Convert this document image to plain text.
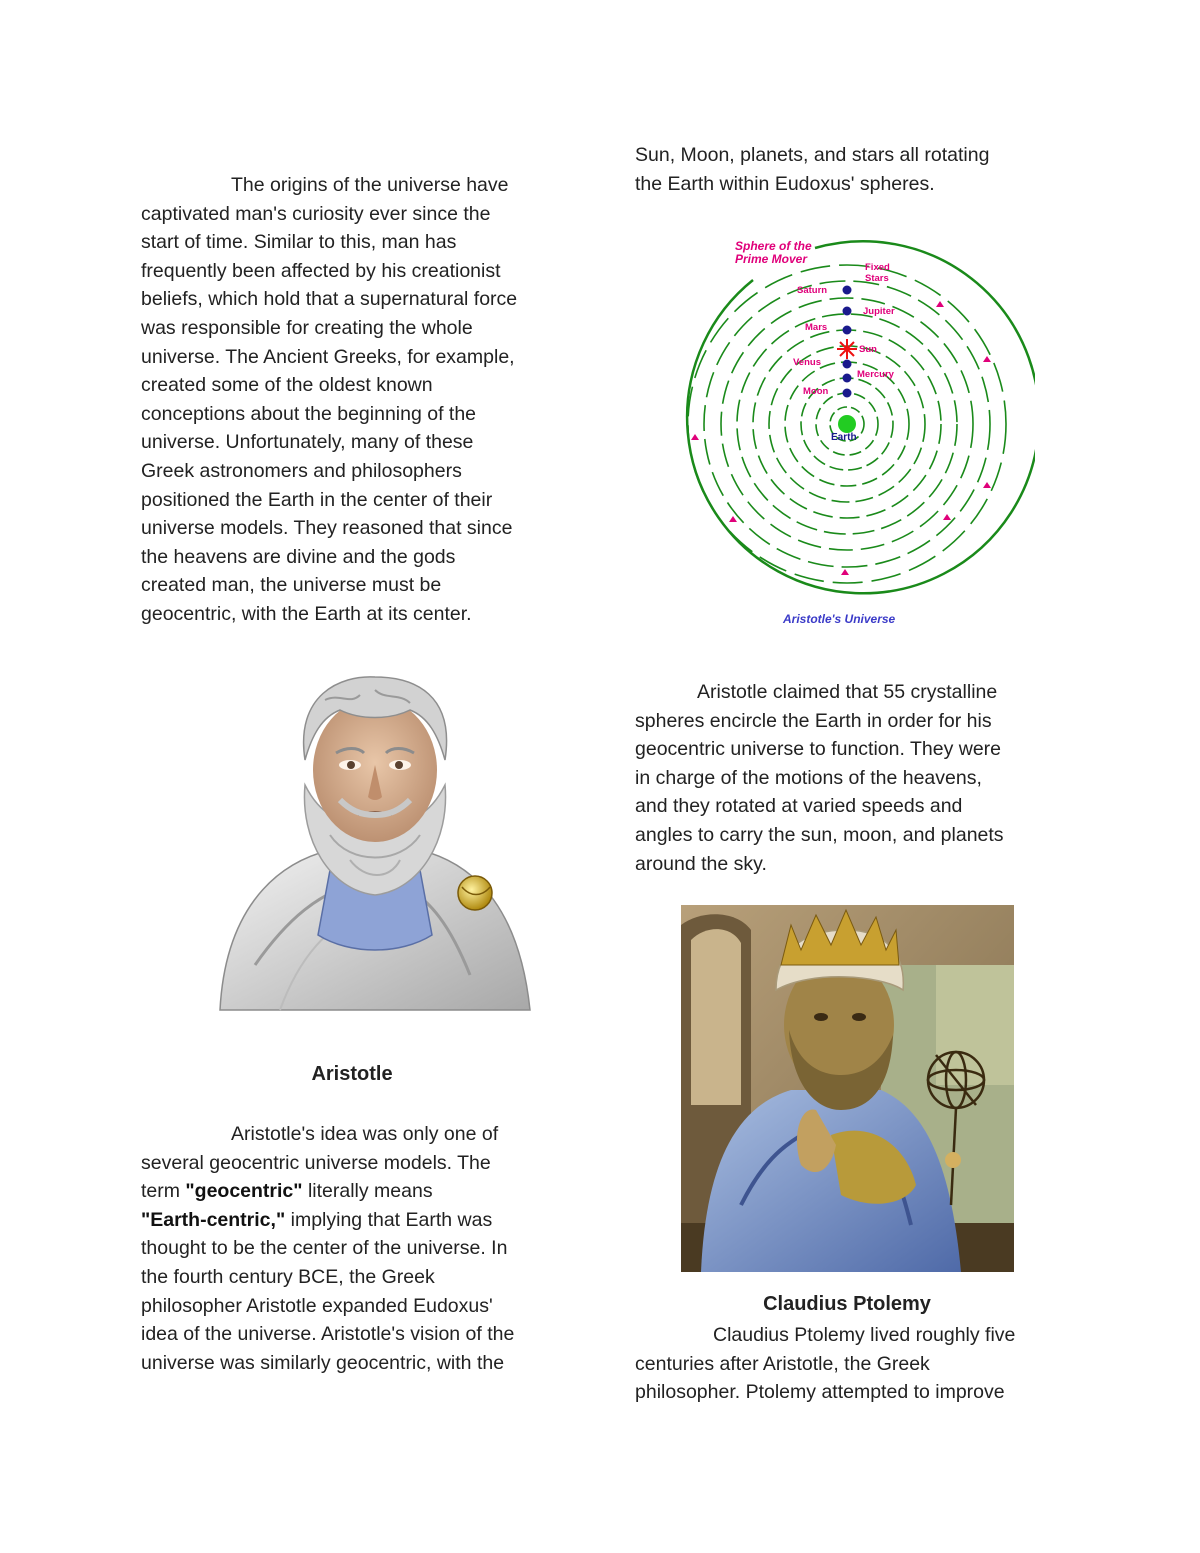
The origins of the universe have
captivated man's curiosity ever since the
start of time. Similar to this, man has
frequently been affected by his creationist
beliefs, which hold that a supernatural force
was responsible for creating the whole
universe. The Ancient Greeks, for example,
created some of the oldest known
conceptions about the beginning of the
universe. Unfortunately, many of these
Greek astronomers and philosophers
positioned the Earth in the center of their
universe models. They reasoned that since
the heavens are divine and the gods
created man, the universe must be
geocentric, with the Earth at its center.
Aristotle
Aristotle's idea was only one of
several geocentric universe models. The
term "geocentric" literally means
"Earth-centric," implying that Earth was
thought to be the center of the universe. In
the fourth century BCE, the Greek
philosopher Aristotle expanded Eudoxus'
idea of the universe. Aristotle's vision of the
universe was similarly geocentric, with the
Sun, Moon, planets, and stars all rotating
the Earth within Eudoxus' spheres.
Sphere of the
Prime Mover
Fixed
Stars
Saturn
Jupiter
Mars
Sun
Venus
Mercury
Moon
Earth
Aristotle's Universe
Aristotle claimed that 55 crystalline
spheres encircle the Earth in order for his
geocentric universe to function. They were
in charge of the motions of the heavens,
and they rotated at varied speeds and
angles to carry the sun, moon, and planets
around the sky.
Claudius Ptolemy
Claudius Ptolemy lived roughly five
centuries after Aristotle, the Greek
philosopher. Ptolemy attempted to improve
